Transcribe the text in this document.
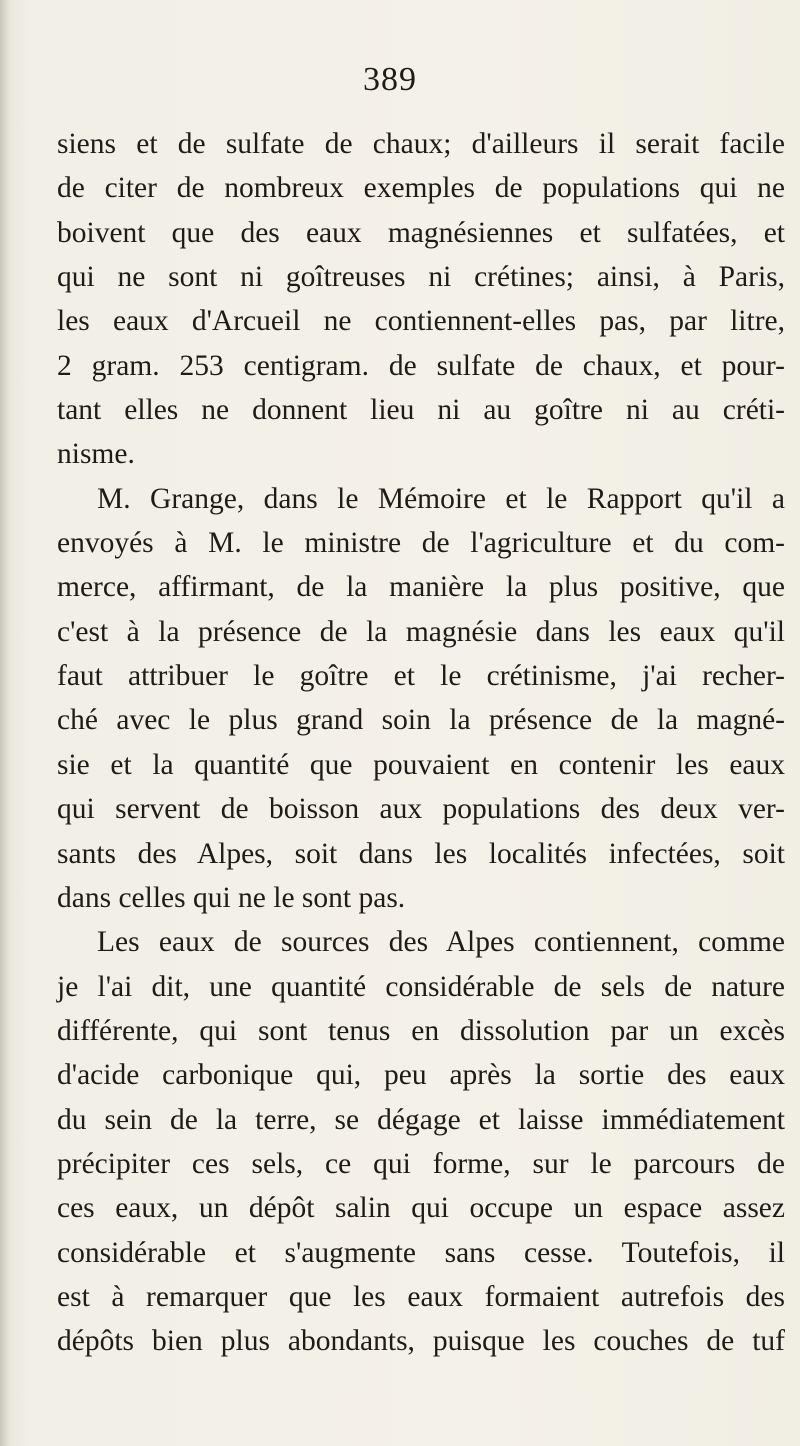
389
siens et de sulfate de chaux; d'ailleurs il serait facile
de citer de nombreux exemples de populations qui ne
boivent que des eaux magnésiennes et sulfatées, et
qui ne sont ni goîtreuses ni crétines; ainsi, à Paris,
les eaux d'Arcueil ne contiennent-elles pas, par litre,
2 gram. 253 centigram. de sulfate de chaux, et pour-
tant elles ne donnent lieu ni au goître ni au créti-
nisme.
M. Grange, dans le Mémoire et le Rapport qu'il a
envoyés à M. le ministre de l'agriculture et du com-
merce, affirmant, de la manière la plus positive, que
c'est à la présence de la magnésie dans les eaux qu'il
faut attribuer le goître et le crétinisme, j'ai recher-
ché avec le plus grand soin la présence de la magné-
sie et la quantité que pouvaient en contenir les eaux
qui servent de boisson aux populations des deux ver-
sants des Alpes, soit dans les localités infectées, soit
dans celles qui ne le sont pas.
Les eaux de sources des Alpes contiennent, comme
je l'ai dit, une quantité considérable de sels de nature
différente, qui sont tenus en dissolution par un excès
d'acide carbonique qui, peu après la sortie des eaux
du sein de la terre, se dégage et laisse immédiatement
précipiter ces sels, ce qui forme, sur le parcours de
ces eaux, un dépôt salin qui occupe un espace assez
considérable et s'augmente sans cesse. Toutefois, il
est à remarquer que les eaux formaient autrefois des
dépôts bien plus abondants, puisque les couches de tuf
